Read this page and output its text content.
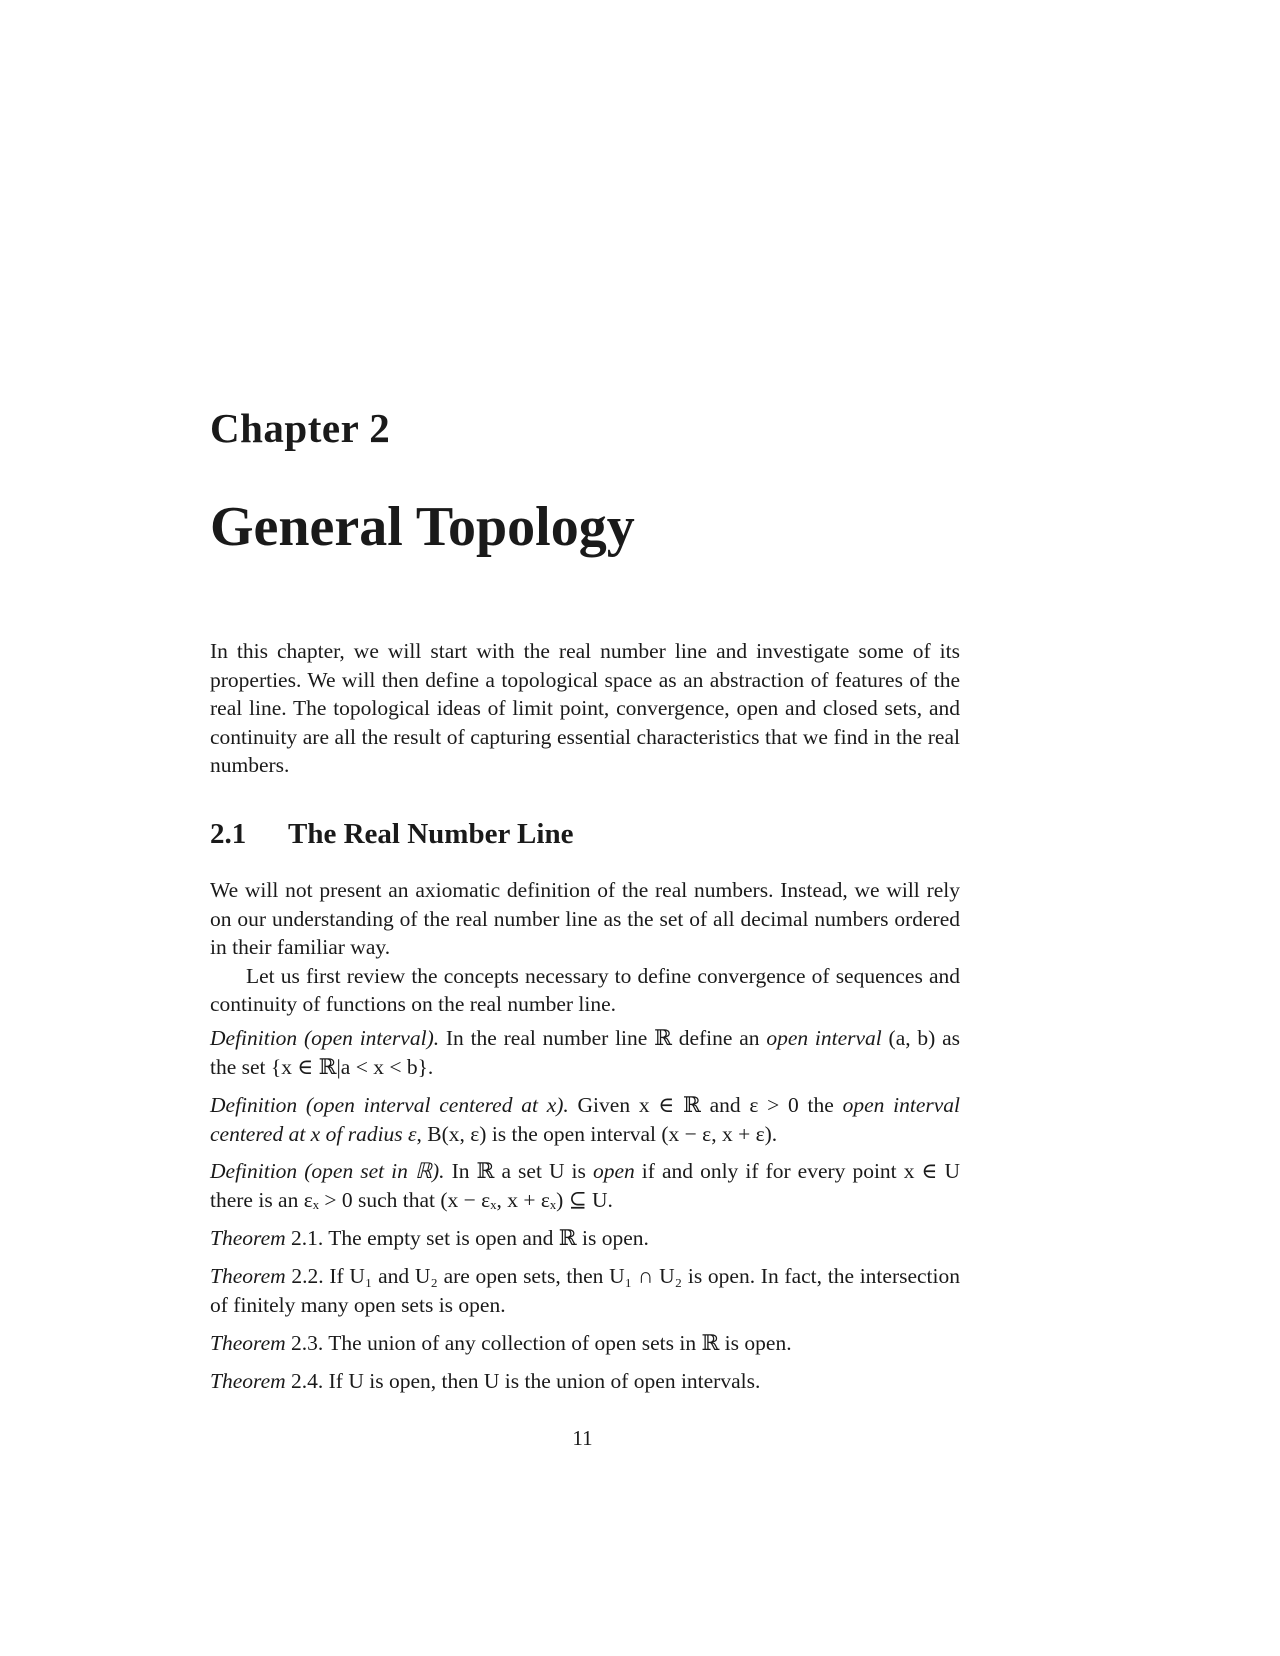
Chapter 2
General Topology

In this chapter, we will start with the real number line and investigate some of its properties. We will then define a topological space as an abstraction of features of the real line. The topological ideas of limit point, convergence, open and closed sets, and continuity are all the result of capturing essential characteristics that we find in the real numbers.

2.1 The Real Number Line

We will not present an axiomatic definition of the real numbers. Instead, we will rely on our understanding of the real number line as the set of all decimal numbers ordered in their familiar way.

Let us first review the concepts necessary to define convergence of sequences and continuity of functions on the real number line.

Definition (open interval). In the real number line ℝ define an open interval (a, b) as the set {x ∈ ℝ|a < x < b}.

Definition (open interval centered at x). Given x ∈ ℝ and ε > 0 the open interval centered at x of radius ε, B(x, ε) is the open interval (x − ε, x + ε).

Definition (open set in ℝ). In ℝ a set U is open if and only if for every point x ∈ U there is an εₓ > 0 such that (x − εₓ, x + εₓ) ⊆ U.

Theorem 2.1. The empty set is open and ℝ is open.

Theorem 2.2. If U₁ and U₂ are open sets, then U₁ ∩ U₂ is open. In fact, the intersection of finitely many open sets is open.

Theorem 2.3. The union of any collection of open sets in ℝ is open.

Theorem 2.4. If U is open, then U is the union of open intervals.

11
